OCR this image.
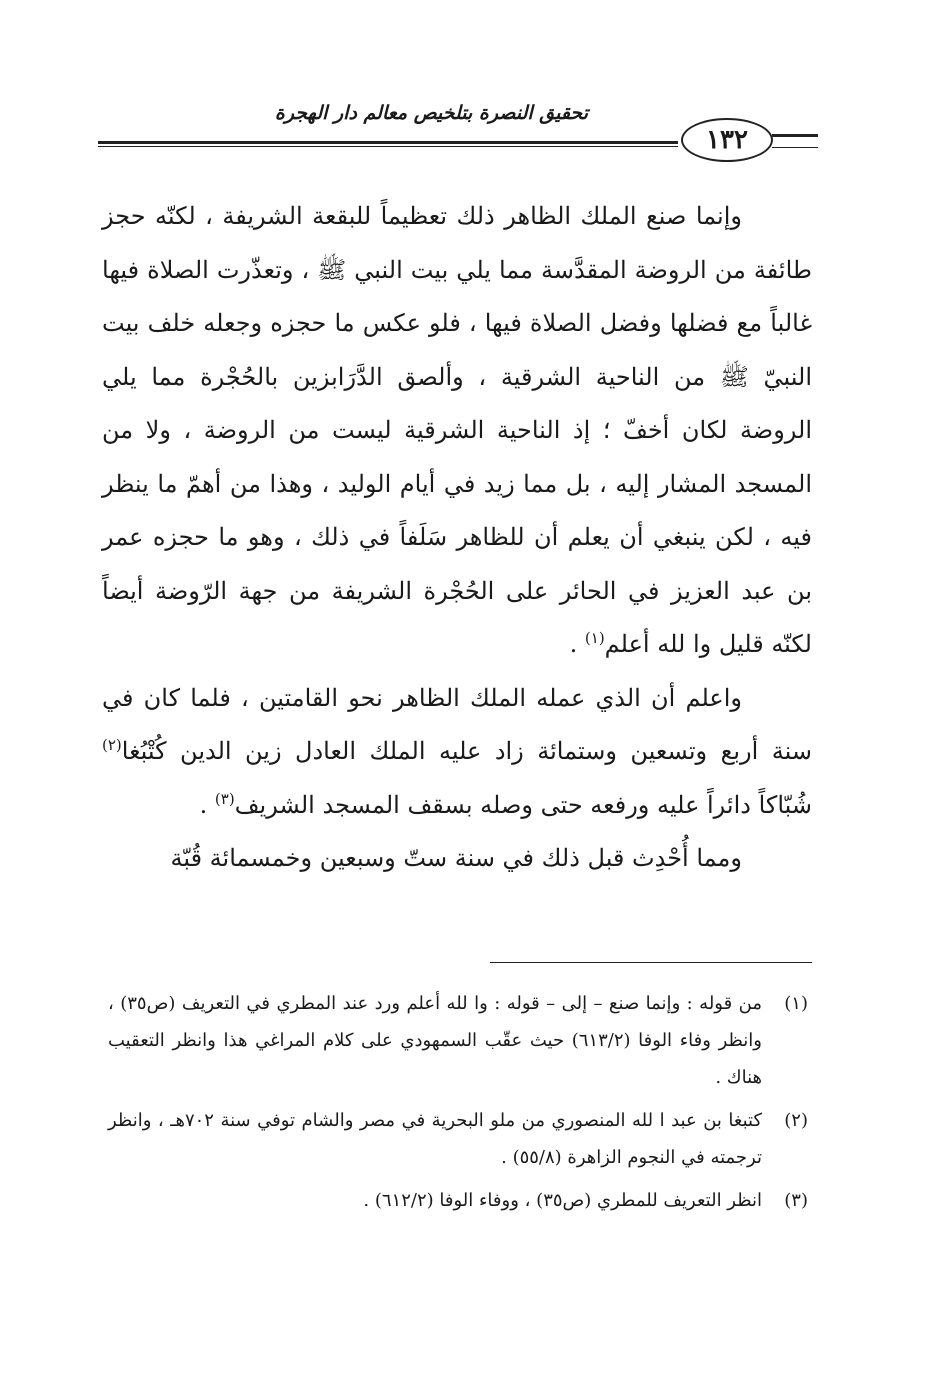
١٣٢
تحقيق النصرة بتلخيص معالم دار الهجرة

وإنما صنع الملك الظاهر ذلك تعظيماً للبقعة الشريفة ، لكنّه حجز طائفة من الروضة المقدَّسة مما يلي بيت النبي ﷺ ، وتعذّرت الصلاة فيها غالباً مع فضلها وفضل الصلاة فيها ، فلو عكس ما حجزه وجعله خلف بيت النبيّ ﷺ من الناحية الشرقية ، وألصق الدَّرَابزين بالحُجْرة مما يلي الروضة لكان أخفّ ؛ إذ الناحية الشرقية ليست من الروضة ، ولا من المسجد المشار إليه ، بل مما زيد في أيام الوليد ، وهذا من أهمّ ما ينظر فيه ، لكن ينبغي أن يعلم أن للظاهر سَلَفاً في ذلك ، وهو ما حجزه عمر بن عبد العزيز في الحائر على الحُجْرة الشريفة من جهة الرّوضة أيضاً لكنّه قليل وا لله أعلم$^{(١)}$ .

واعلم أن الذي عمله الملك الظاهر نحو القامتين ، فلما كان في سنة أربع وتسعين وستمائة زاد عليه الملك العادل زين الدين كُتْبُغا$^{(٢)}$ شُبّاكاً دائراً عليه ورفعه حتى وصله بسقف المسجد الشريف$^{(٣)}$ .

ومما أُحْدِث قبل ذلك في سنة ستّ وسبعين وخمسمائة قُبّة

(١)
من قوله : وإنما صنع – إلى – قوله : وا لله أعلم ورد عند المطري في التعريف (ص٣٥) ، وانظر وفاء الوفا (٦١٣/٢) حيث عقّب السمهودي على كلام المراغي هذا وانظر التعقيب هناك .
(٢)
كتبغا بن عبد ا لله المنصوري من ملو البحرية في مصر والشام توفي سنة ٧٠٢هـ ، وانظر ترجمته في النجوم الزاهرة (٥٥/٨) .
(٣)
انظر التعريف للمطري (ص٣٥) ، ووفاء الوفا (٦١٢/٢) .
